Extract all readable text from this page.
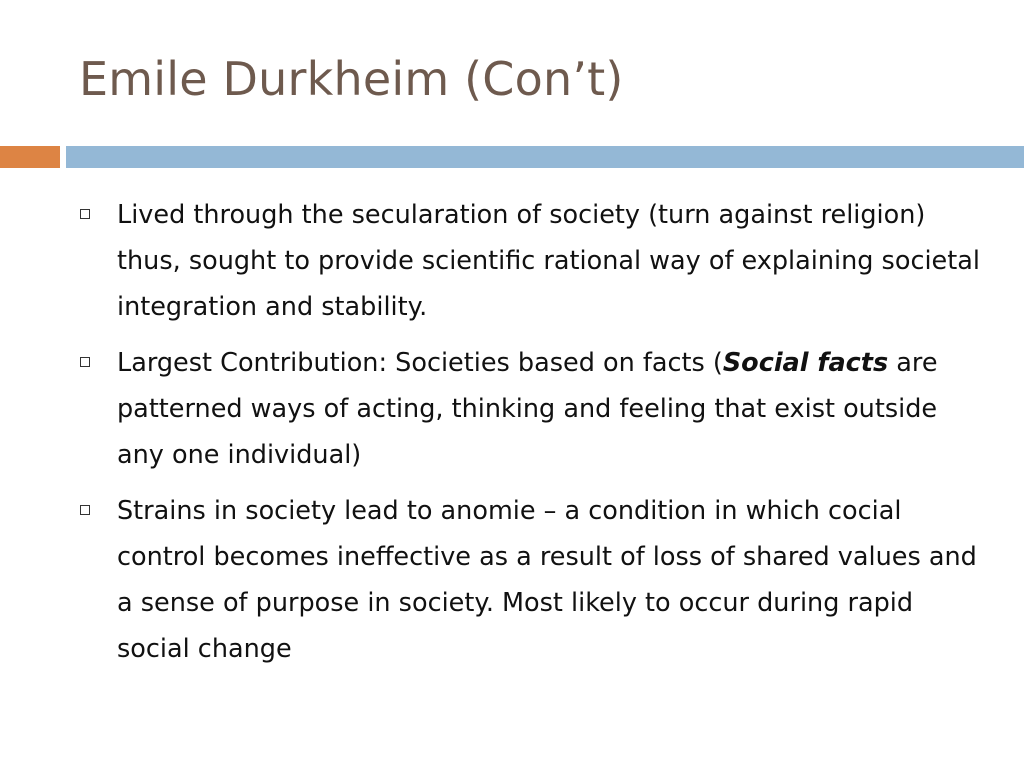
Emile Durkheim (Con’t)
Lived through the secularation of society (turn against religion) thus, sought to provide scientific rational way of explaining societal integration and stability.
Largest Contribution: Societies based on facts (Social facts are patterned ways of acting, thinking and feeling that exist outside any one individual)
Strains in society lead to anomie – a condition in which cocial control becomes ineffective as a result of loss of shared values and a sense of purpose in society. Most likely to occur during rapid social change
